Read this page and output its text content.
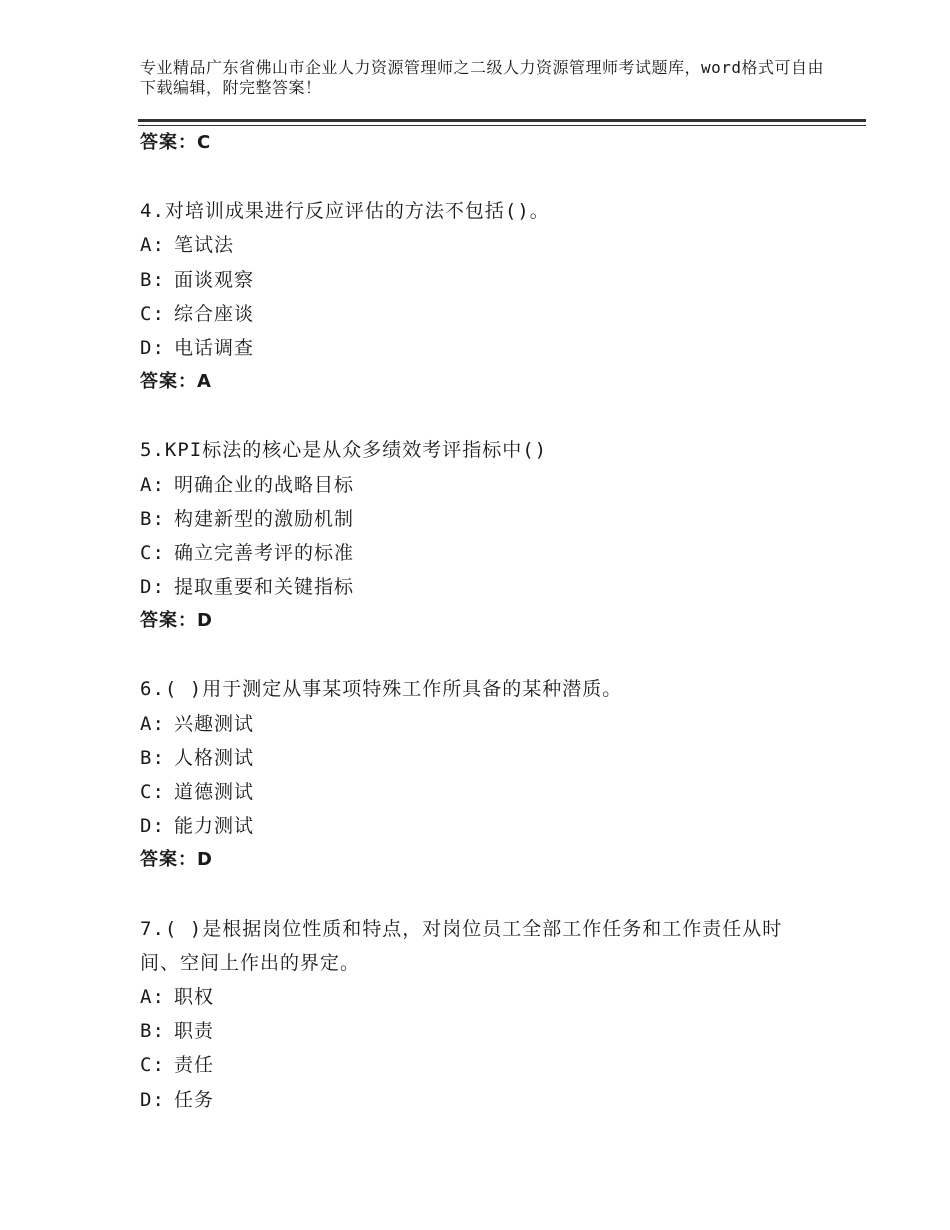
专业精品广东省佛山市企业人力资源管理师之二级人力资源管理师考试题库，word格式可自由下载编辑，附完整答案！
答案：C
4.对培训成果进行反应评估的方法不包括()。
A: 笔试法
B: 面谈观察
C: 综合座谈
D: 电话调查
答案：A
5.KPI标法的核心是从众多绩效考评指标中()
A: 明确企业的战略目标
B: 构建新型的激励机制
C: 确立完善考评的标准
D: 提取重要和关键指标
答案：D
6.( )用于测定从事某项特殊工作所具备的某种潜质。
A: 兴趣测试
B: 人格测试
C: 道德测试
D: 能力测试
答案：D
7.( )是根据岗位性质和特点，对岗位员工全部工作任务和工作责任从时间、空间上作出的界定。
A: 职权
B: 职责
C: 责任
D: 任务
